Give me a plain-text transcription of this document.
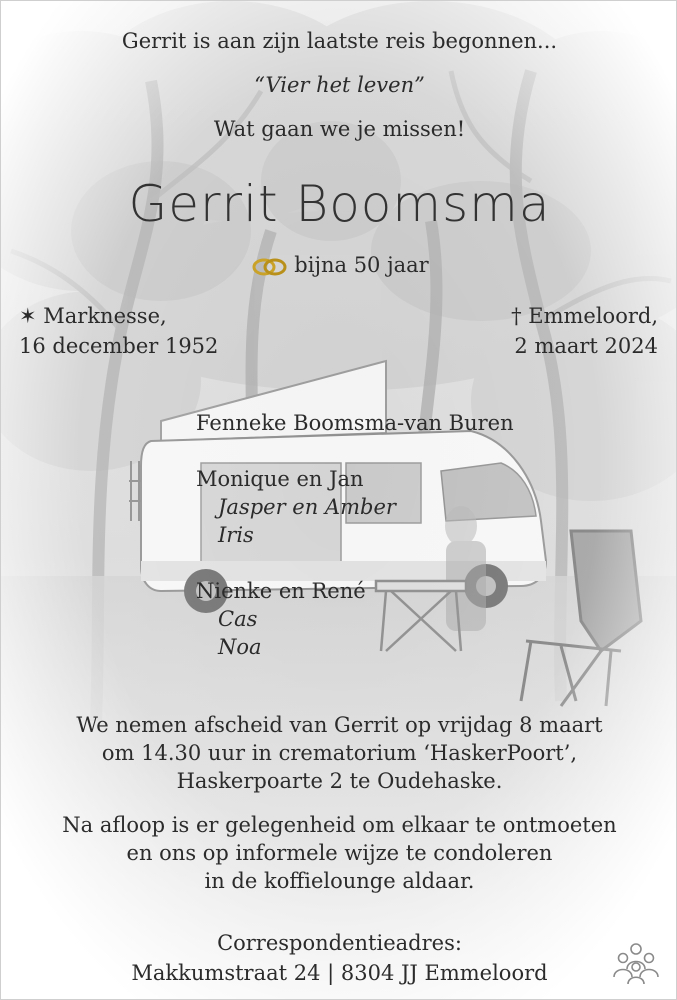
Gerrit is aan zijn laatste reis begonnen...
“Vier het leven”
Wat gaan we je missen!
Gerrit Boomsma
bijna 50 jaar
✶ Marknesse,
16 december 1952
† Emmeloord,
2 maart 2024
Fenneke Boomsma-van Buren
Monique en Jan
Jasper en Amber
Iris
Nienke en René
Cas
Noa
We nemen afscheid van Gerrit op vrijdag 8 maart
om 14.30 uur in crematorium ‘HaskerPoort’,
Haskerpoarte 2 te Oudehaske.
Na afloop is er gelegenheid om elkaar te ontmoeten
en ons op informele wijze te condoleren
in de koffielounge aldaar.
Correspondentieadres:
Makkumstraat 24 | 8304 JJ Emmeloord
